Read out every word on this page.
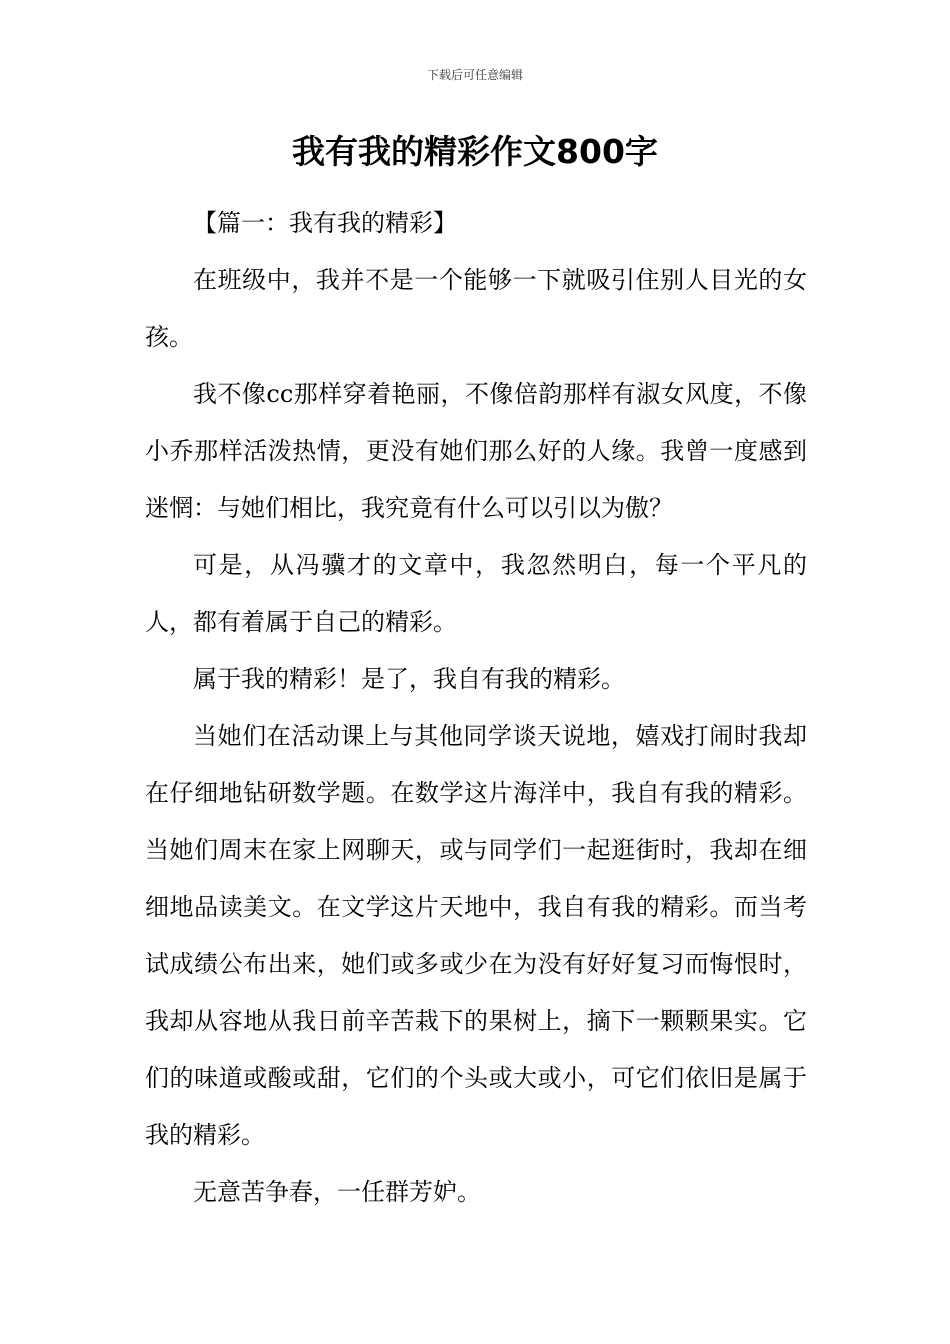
下载后可任意编辑
我有我的精彩作文800字

【篇一：我有我的精彩】

在班级中，我并不是一个能够一下就吸引住别人目光的女孩。

我不像cc那样穿着艳丽，不像倍韵那样有淑女风度，不像小乔那样活泼热情，更没有她们那么好的人缘。我曾一度感到迷惘：与她们相比，我究竟有什么可以引以为傲？

可是，从冯骥才的文章中，我忽然明白，每一个平凡的人，都有着属于自己的精彩。

属于我的精彩！是了，我自有我的精彩。

当她们在活动课上与其他同学谈天说地，嬉戏打闹时我却在仔细地钻研数学题。在数学这片海洋中，我自有我的精彩。当她们周末在家上网聊天，或与同学们一起逛街时，我却在细细地品读美文。在文学这片天地中，我自有我的精彩。而当考试成绩公布出来，她们或多或少在为没有好好复习而悔恨时，我却从容地从我日前辛苦栽下的果树上，摘下一颗颗果实。它们的味道或酸或甜，它们的个头或大或小，可它们依旧是属于我的精彩。

无意苦争春，一任群芳妒。
